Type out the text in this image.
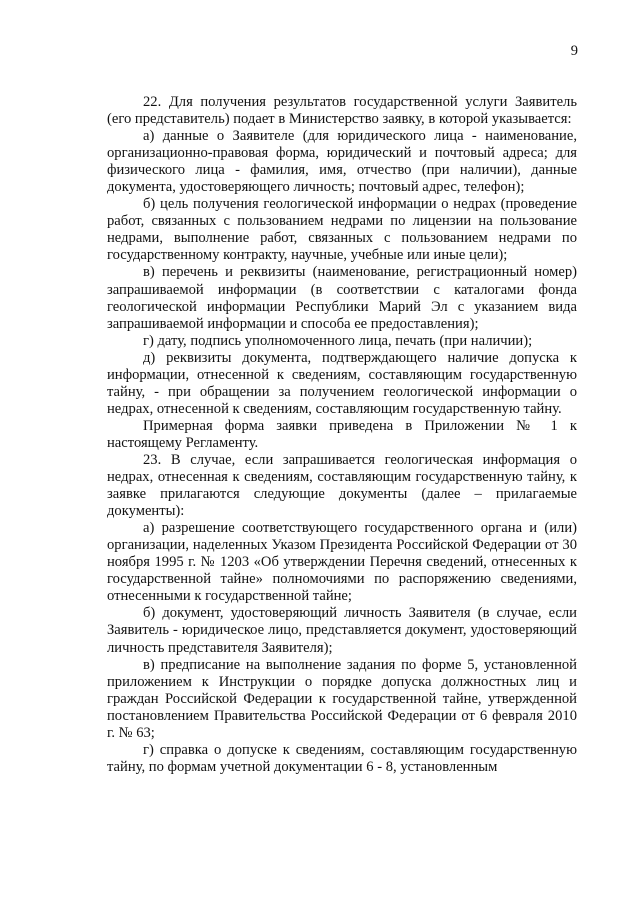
9

22. Для получения результатов государственной услуги Заявитель (его представитель) подает в Министерство заявку, в которой указывается:

а) данные о Заявителе (для юридического лица - наименование, организационно-правовая форма, юридический и почтовый адреса; для физического лица - фамилия, имя, отчество (при наличии), данные документа, удостоверяющего личность; почтовый адрес, телефон);

б) цель получения геологической информации о недрах (проведение работ, связанных с пользованием недрами по лицензии на пользование недрами, выполнение работ, связанных с пользованием недрами по государственному контракту, научные, учебные или иные цели);

в) перечень и реквизиты (наименование, регистрационный номер) запрашиваемой информации (в соответствии с каталогами фонда геологической информации Республики Марий Эл с указанием вида запрашиваемой информации и способа ее предоставления);

г) дату, подпись уполномоченного лица, печать (при наличии);

д) реквизиты документа, подтверждающего наличие допуска к информации, отнесенной к сведениям, составляющим государственную тайну, - при обращении за получением геологической информации о недрах, отнесенной к сведениям, составляющим государственную тайну.

Примерная форма заявки приведена в Приложении № 1 к настоящему Регламенту.

23. В случае, если запрашивается геологическая информация о недрах, отнесенная к сведениям, составляющим государственную тайну, к заявке прилагаются следующие документы (далее – прилагаемые документы):

а) разрешение соответствующего государственного органа и (или) организации, наделенных Указом Президента Российской Федерации от 30 ноября 1995 г. № 1203 «Об утверждении Перечня сведений, отнесенных к государственной тайне» полномочиями по распоряжению сведениями, отнесенными к государственной тайне;

б) документ, удостоверяющий личность Заявителя (в случае, если Заявитель - юридическое лицо, представляется документ, удостоверяющий личность представителя Заявителя);

в) предписание на выполнение задания по форме 5, установленной приложением к Инструкции о порядке допуска должностных лиц и граждан Российской Федерации к государственной тайне, утвержденной постановлением Правительства Российской Федерации от 6 февраля 2010 г. № 63;

г) справка о допуске к сведениям, составляющим государственную тайну, по формам учетной документации 6 - 8, установленным
